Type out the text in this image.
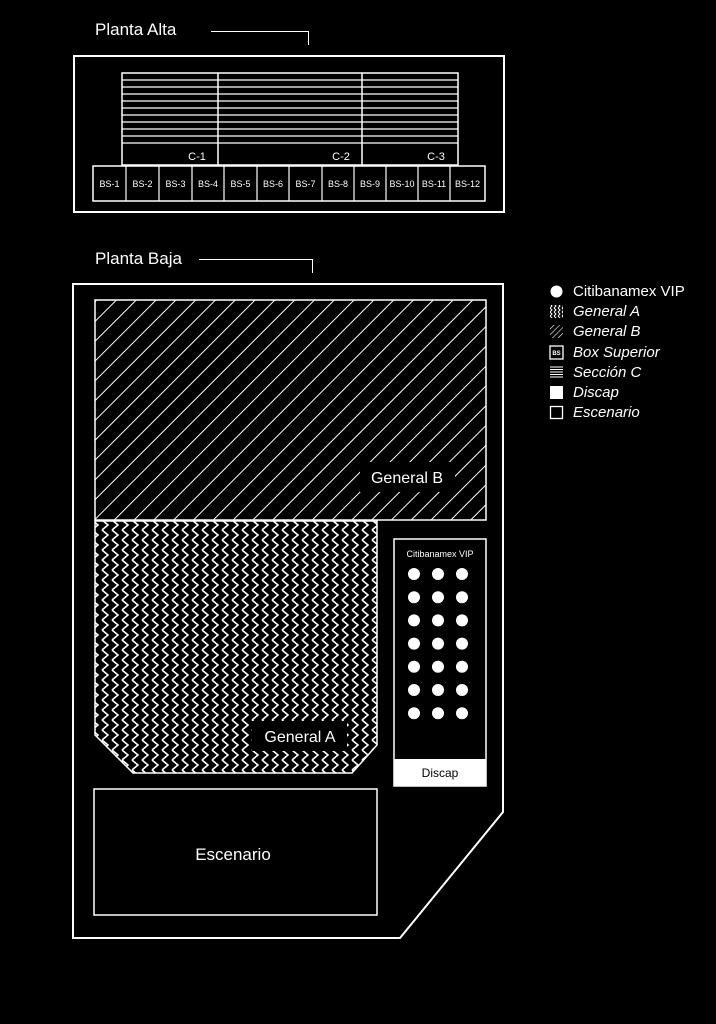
Planta Alta
Planta Baja
C-1	C-2	C-3
BS-1 BS-2 BS-3 BS-4 BS-5 BS-6 BS-7 BS-8 BS-9 BS-10 BS-11 BS-12
General B
General A
Citibanamex VIP
Discap
Escenario
Citibanamex VIP
General A
General B
BS Box Superior
Sección C
Discap
Escenario
